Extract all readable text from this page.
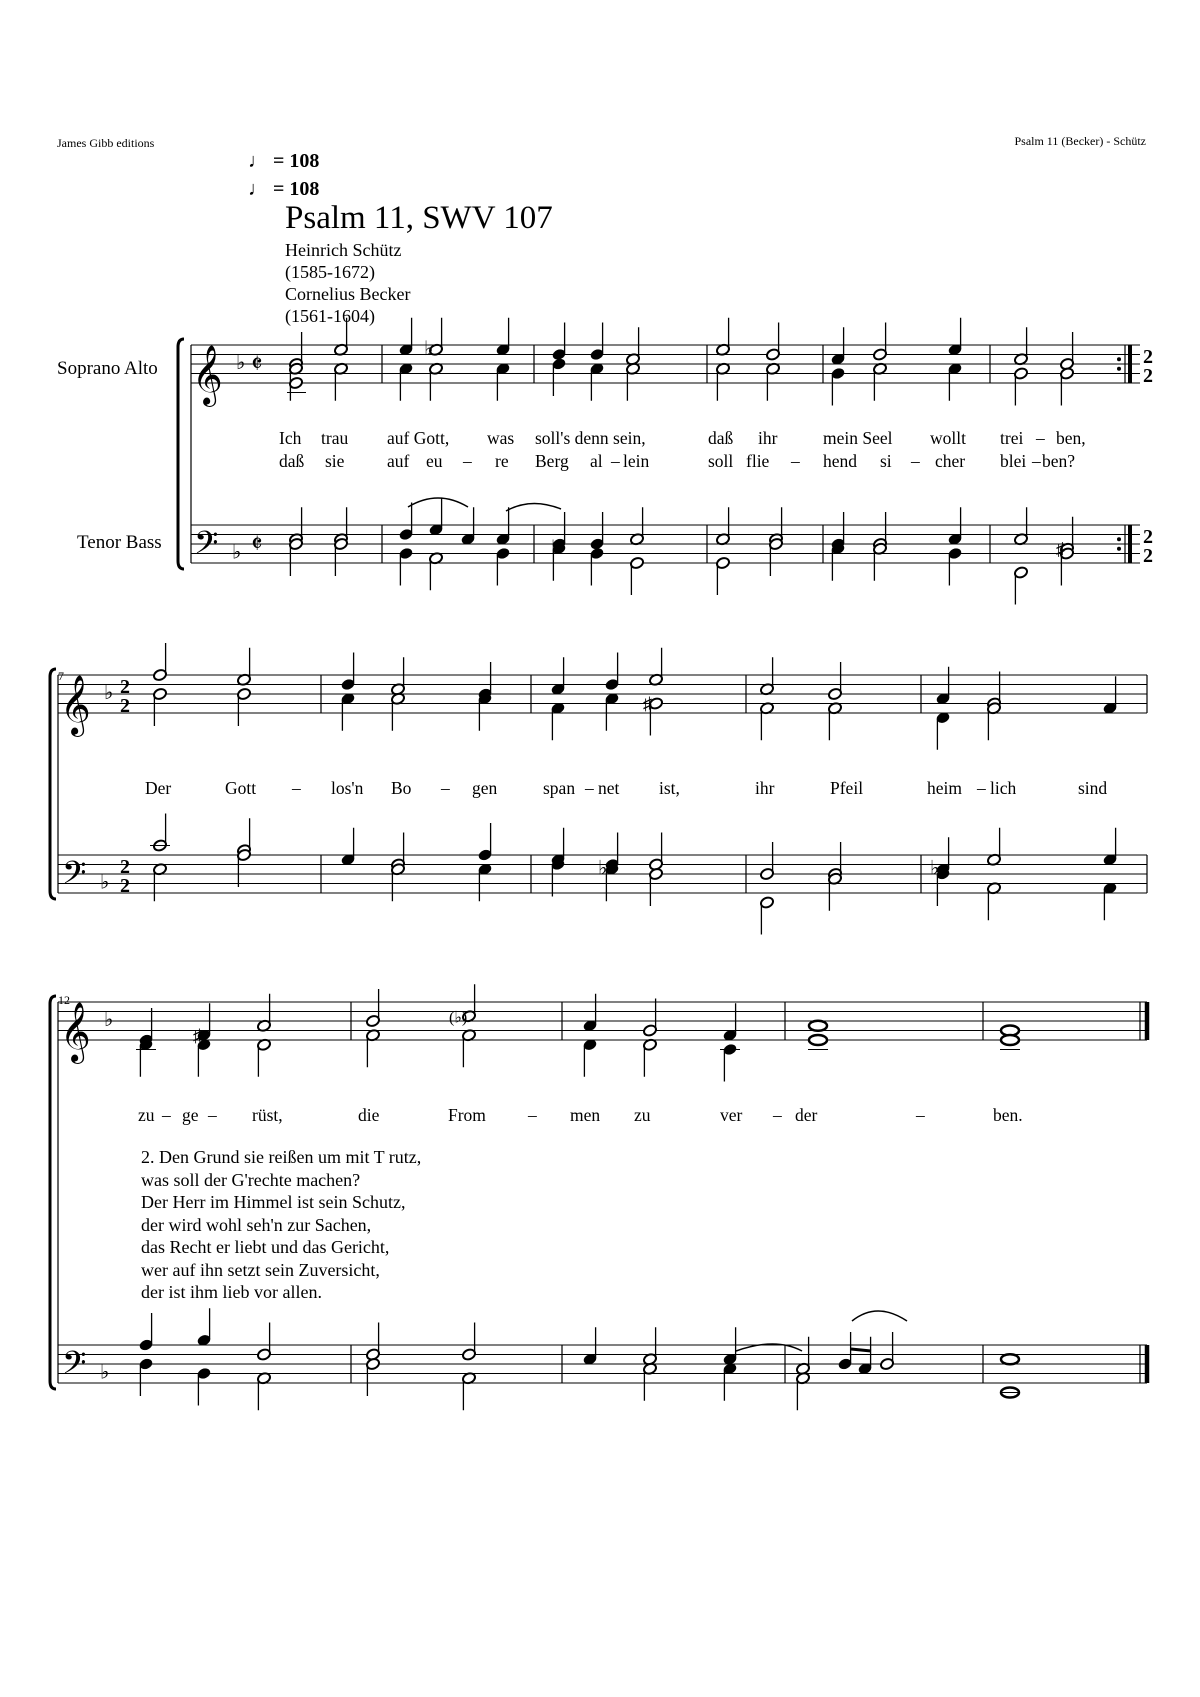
James Gibb editions	Psalm 11 (Becker) - Schütz
♩ = 108
♩ = 108
Psalm 11, SWV 107
Heinrich Schütz
(1585-1672)
Cornelius Becker
(1561-1604)
Soprano Alto
Tenor Bass
7
12
Ich trau auf Gott, was soll's denn sein,	daß ihr	mein Seel wollt trei – ben,
daß sie auf eu – re Berg al – lein	soll flie – hend si – cher blei – ben?
Der	Gott – los'n Bo – gen	span – net ist,	ihr	Pfeil	heim – lich	sind
zu – ge – rüst,	die	From – men zu	ver – der	–	ben.
2. Den Grund sie reißen um mit T rutz,
was soll der G'rechte machen?
Der Herr im Himmel ist sein Schutz,
der wird wohl seh'n zur Sachen,
das Recht er liebt und das Gericht,
wer auf ihn setzt sein Zuversicht,
der ist ihm lieb vor allen.
𝄞 ♭ 𝄵
𝄢 ♭ 𝄵
2
2
2
2
♭
♭	♯
𝄞 ♭ 2
2
𝄢 ♭
2
2
♯
♭	♭
𝄞 ♭
𝄢 ♭
♯
(♭)
